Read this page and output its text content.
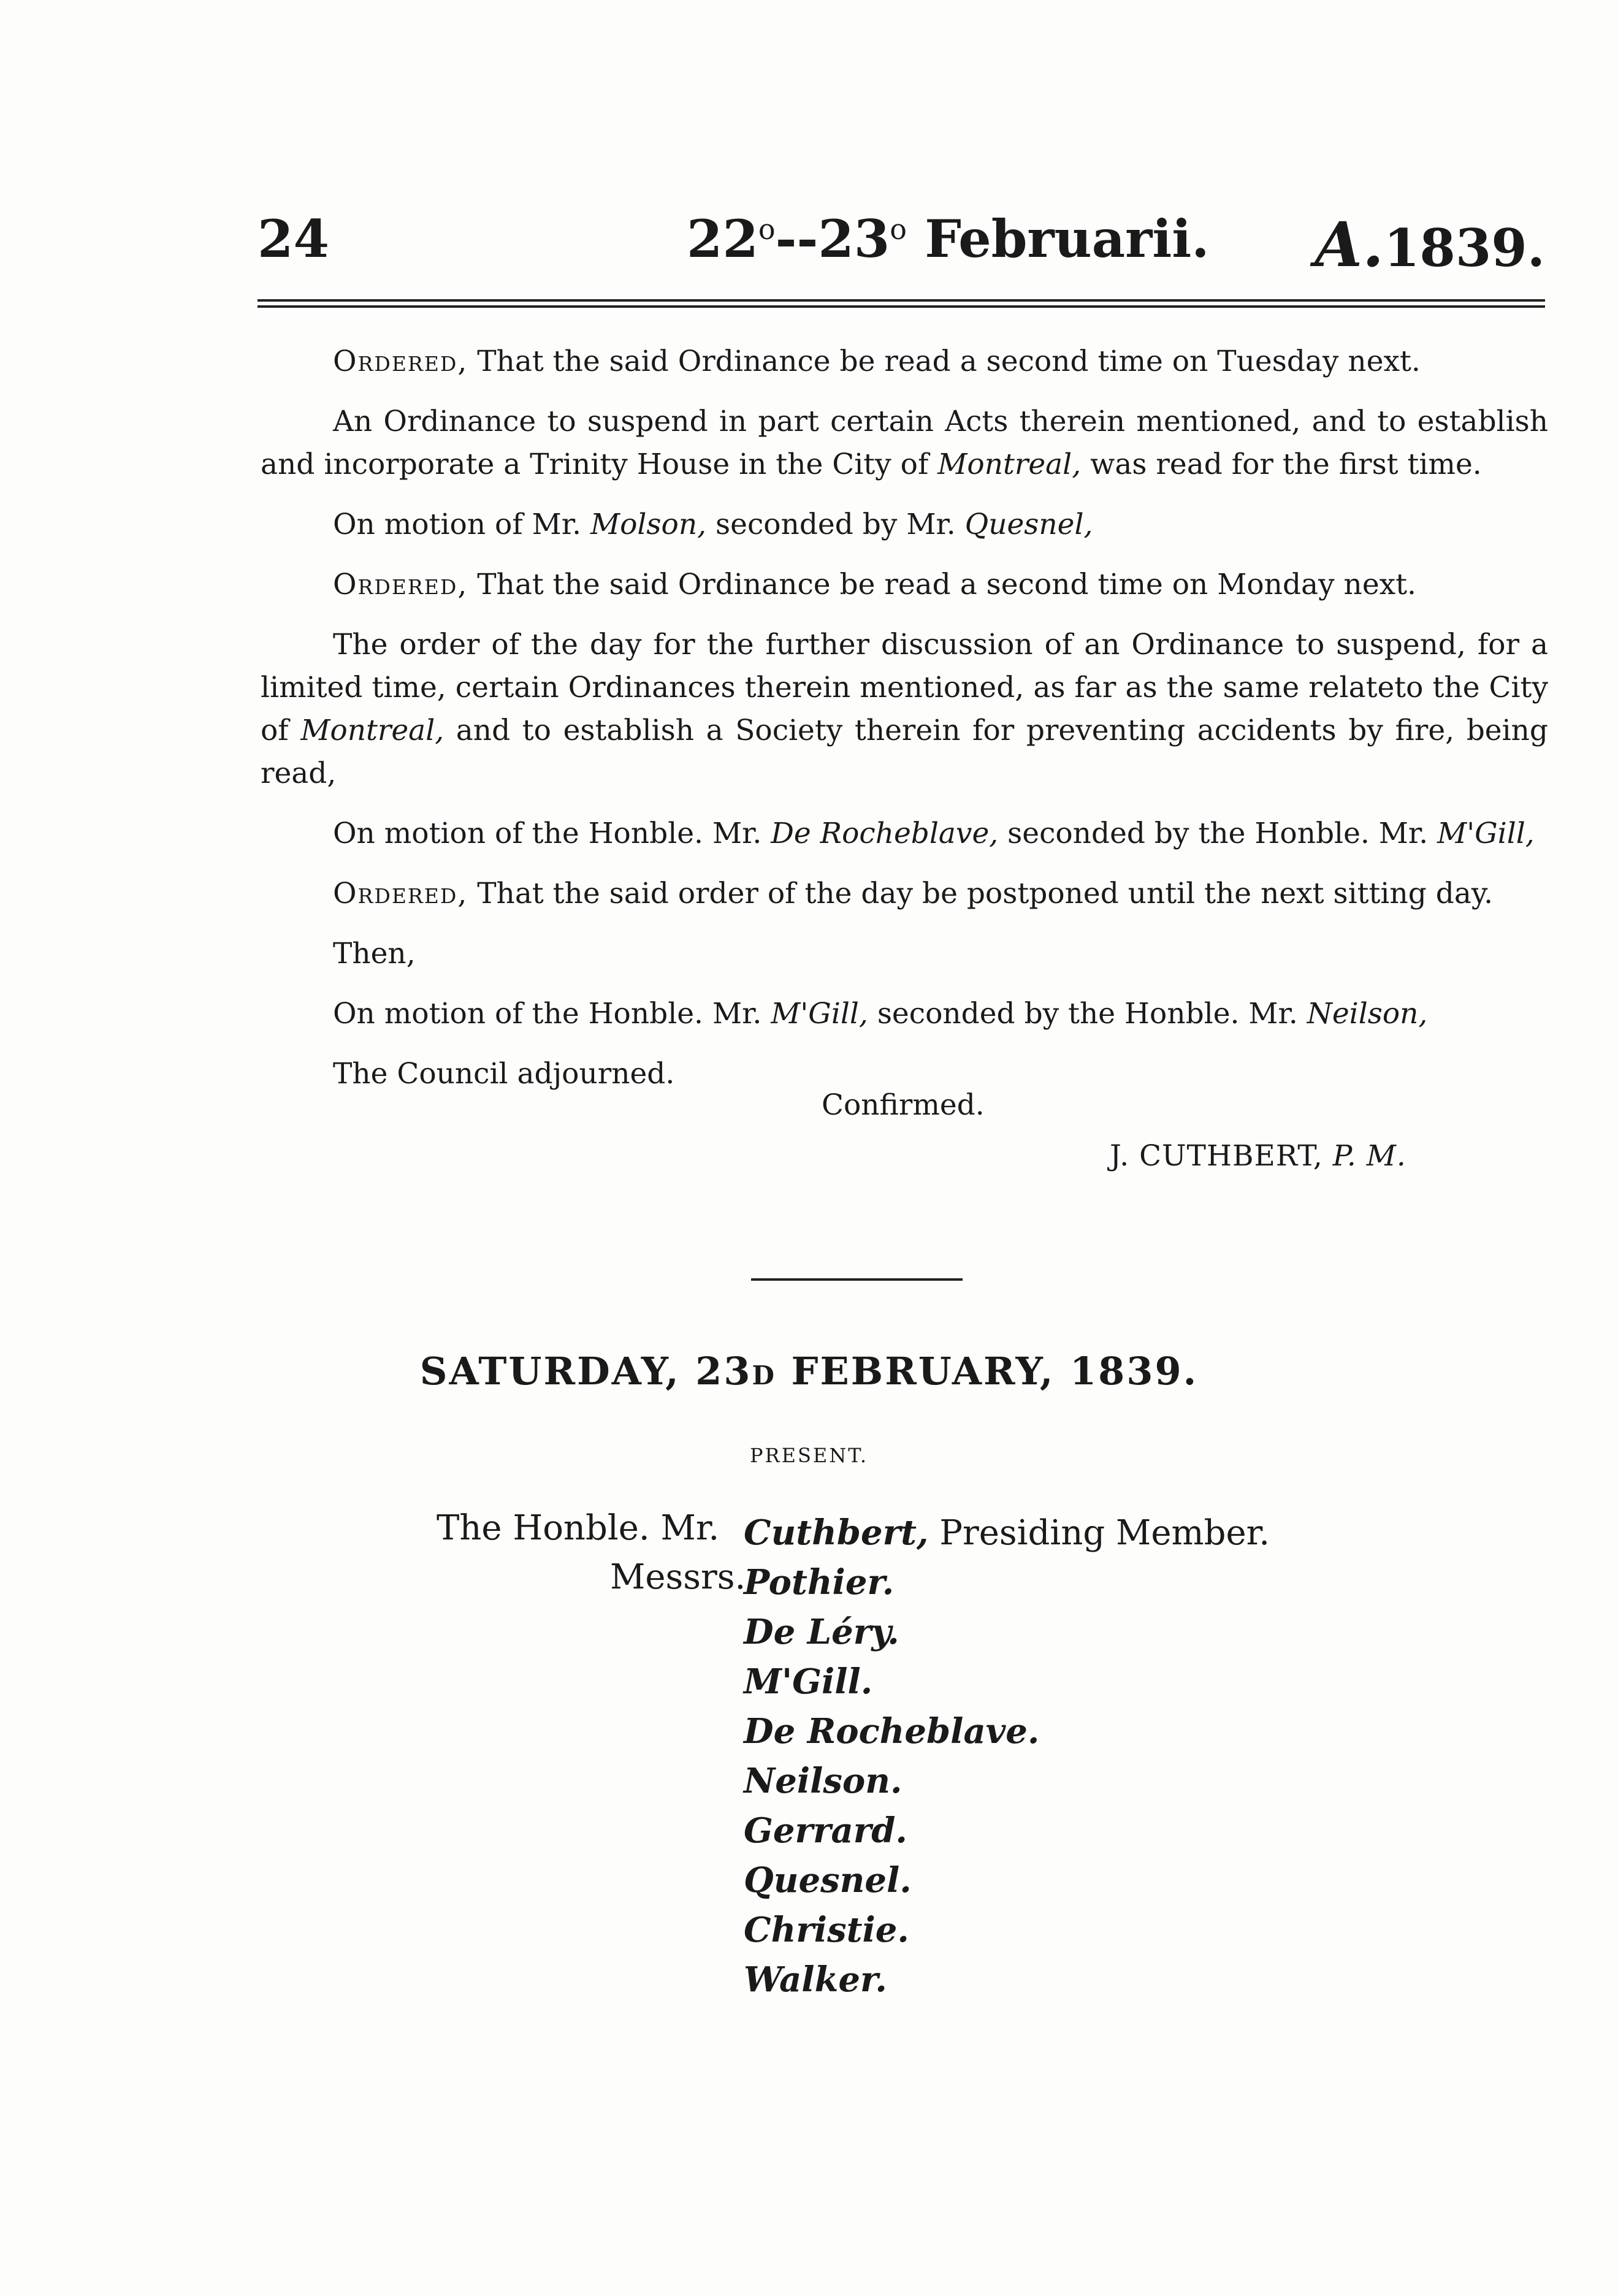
24	22$^o$--23$^o$ Februarii. A.1839.

Ordered, That the said Ordinance be read a second time on Tuesday next.

An Ordinance to suspend in part certain Acts therein mentioned, and to establish and incorporate a Trinity House in the City of Montreal, was read for the first time.

On motion of Mr. Molson, seconded by Mr. Quesnel,

Ordered, That the said Ordinance be read a second time on Monday next.

The order of the day for the further discussion of an Ordinance to suspend, for a limited time, certain Ordinances therein mentioned, as far as the same relateto the City of Montreal, and to establish a Society therein for preventing accidents by fire, being read,

On motion of the Honble. Mr. De Rocheblave, seconded by the Honble. Mr. M'Gill,

Ordered, That the said order of the day be postponed until the next sitting day.

Then,

On motion of the Honble. Mr. M'Gill, seconded by the Honble. Mr. Neilson,

The Council adjourned.

Confirmed.
J. CUTHBERT, P. M.
SATURDAY, 23D FEBRUARY, 1839.
PRESENT.
The Honble. Mr.
Messrs.
Cuthbert, Presiding Member.
Pothier.
De Léry.
M'Gill.
De Rocheblave.
Neilson.
Gerrard.
Quesnel.
Christie.
Walker.
